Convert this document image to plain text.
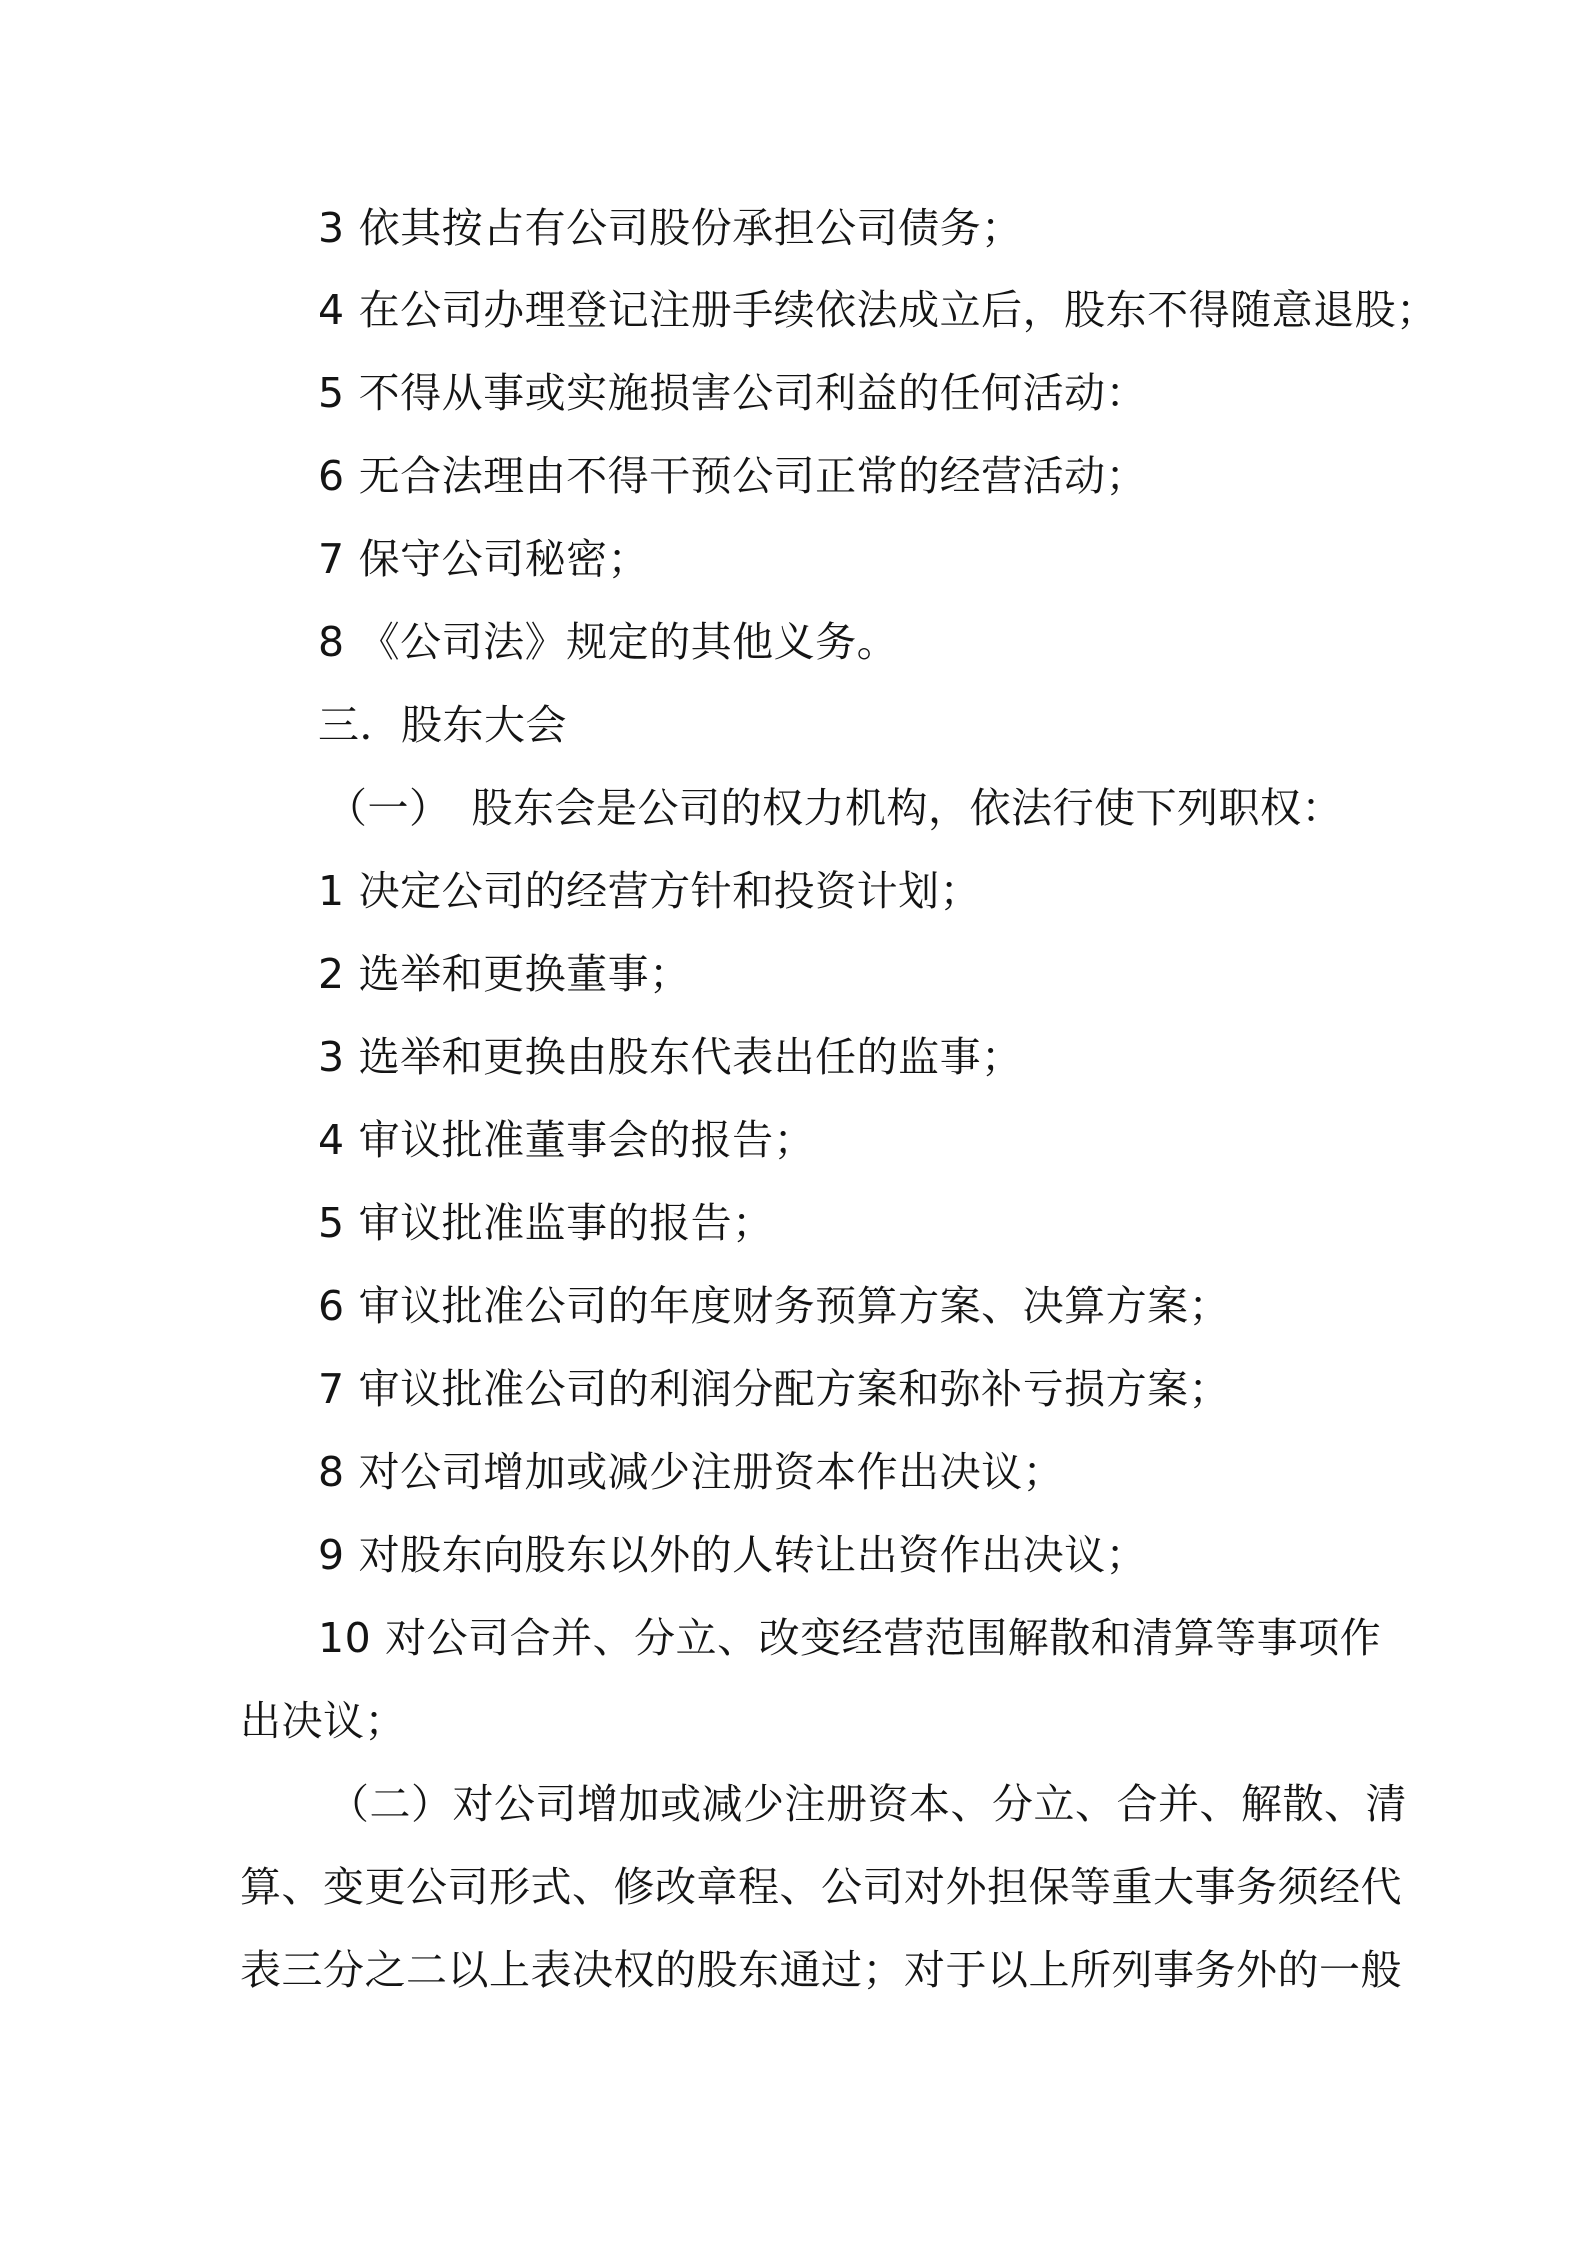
3 依其按占有公司股份承担公司债务；
4 在公司办理登记注册手续依法成立后，股东不得随意退股；
5 不得从事或实施损害公司利益的任何活动：
6 无合法理由不得干预公司正常的经营活动；
7 保守公司秘密；
8 《公司法》规定的其他义务。
三．股东大会
（一）　股东会是公司的权力机构，依法行使下列职权：
1 决定公司的经营方针和投资计划；
2 选举和更换董事；
3 选举和更换由股东代表出任的监事；
4 审议批准董事会的报告；
5 审议批准监事的报告；
6 审议批准公司的年度财务预算方案、决算方案；
7 审议批准公司的利润分配方案和弥补亏损方案；
8 对公司增加或减少注册资本作出决议；
9 对股东向股东以外的人转让出资作出决议；
10 对公司合并、分立、改变经营范围解散和清算等事项作
出决议；
（二）对公司增加或减少注册资本、分立、合并、解散、清
算、变更公司形式、修改章程、公司对外担保等重大事务须经代
表三分之二以上表决权的股东通过；对于以上所列事务外的一般
